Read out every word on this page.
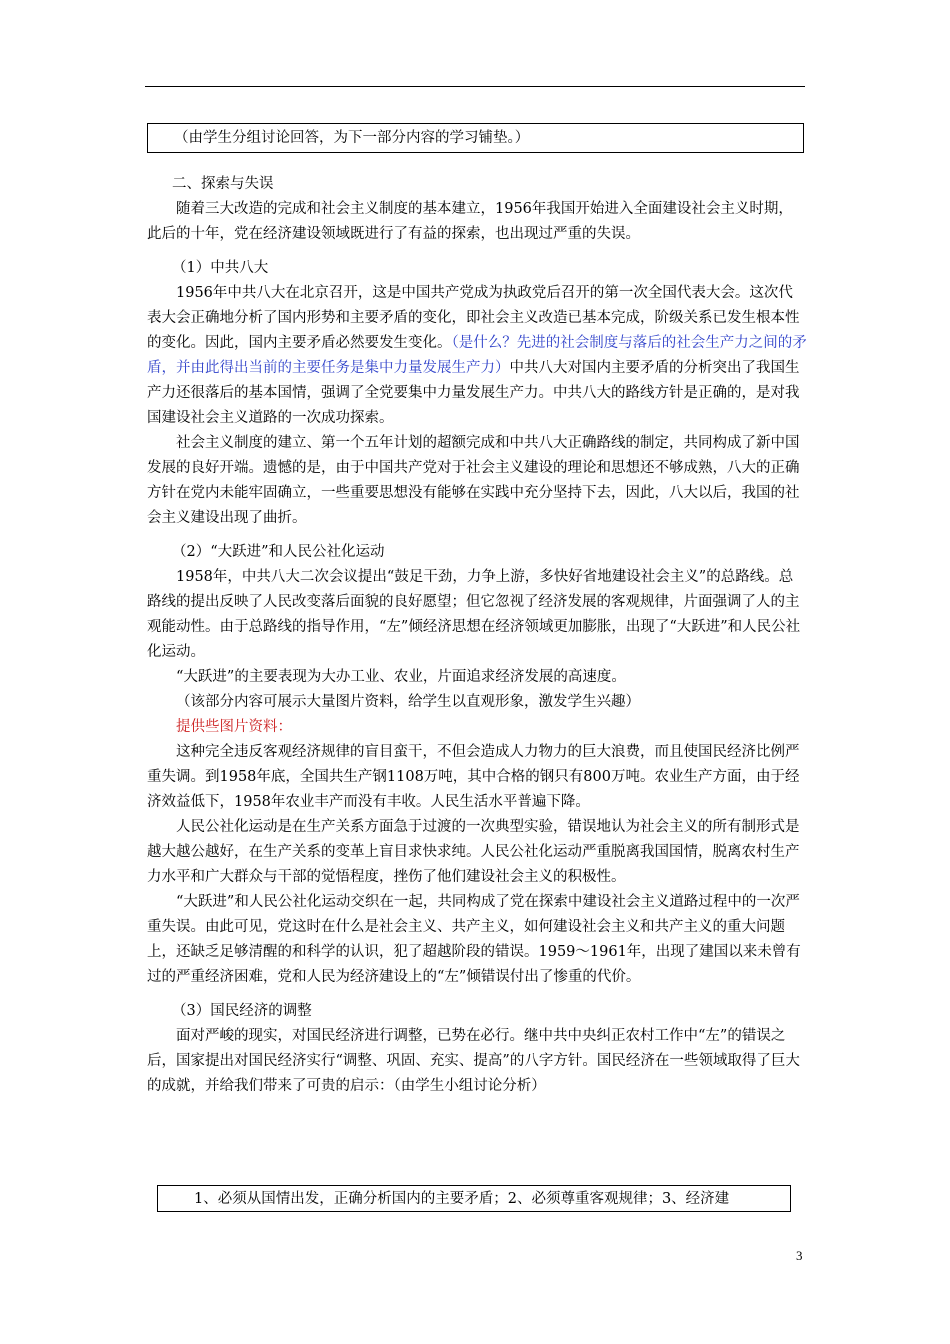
（由学生分组讨论回答，为下一部分内容的学习铺垫。）

二、探索与失误

随着三大改造的完成和社会主义制度的基本建立，1956年我国开始进入全面建设社会主义时期，此后的十年，党在经济建设领域既进行了有益的探索，也出现过严重的失误。

（1）中共八大

1956年中共八大在北京召开，这是中国共产党成为执政党后召开的第一次全国代表大会。这次代表大会正确地分析了国内形势和主要矛盾的变化，即社会主义改造已基本完成，阶级关系已发生根本性的变化。因此，国内主要矛盾必然要发生变化。（是什么？先进的社会制度与落后的社会生产力之间的矛盾，并由此得出当前的主要任务是集中力量发展生产力）中共八大对国内主要矛盾的分析突出了我国生产力还很落后的基本国情，强调了全党要集中力量发展生产力。中共八大的路线方针是正确的，是对我国建设社会主义道路的一次成功探索。

社会主义制度的建立、第一个五年计划的超额完成和中共八大正确路线的制定，共同构成了新中国发展的良好开端。遗憾的是，由于中国共产党对于社会主义建设的理论和思想还不够成熟，八大的正确方针在党内未能牢固确立，一些重要思想没有能够在实践中充分坚持下去，因此，八大以后，我国的社会主义建设出现了曲折。

（2）“大跃进”和人民公社化运动

1958年，中共八大二次会议提出“鼓足干劲，力争上游，多快好省地建设社会主义”的总路线。总路线的提出反映了人民改变落后面貌的良好愿望；但它忽视了经济发展的客观规律，片面强调了人的主观能动性。由于总路线的指导作用，“左”倾经济思想在经济领域更加膨胀，出现了“大跃进”和人民公社化运动。

“大跃进”的主要表现为大办工业、农业，片面追求经济发展的高速度。

（该部分内容可展示大量图片资料，给学生以直观形象，激发学生兴趣）

提供些图片资料：

这种完全违反客观经济规律的盲目蛮干，不但会造成人力物力的巨大浪费，而且使国民经济比例严重失调。到1958年底，全国共生产钢1108万吨，其中合格的钢只有800万吨。农业生产方面，由于经济效益低下，1958年农业丰产而没有丰收。人民生活水平普遍下降。

人民公社化运动是在生产关系方面急于过渡的一次典型实验，错误地认为社会主义的所有制形式是越大越公越好，在生产关系的变革上盲目求快求纯。人民公社化运动严重脱离我国国情，脱离农村生产力水平和广大群众与干部的觉悟程度，挫伤了他们建设社会主义的积极性。

“大跃进”和人民公社化运动交织在一起，共同构成了党在探索中建设社会主义道路过程中的一次严重失误。由此可见，党这时在什么是社会主义、共产主义，如何建设社会主义和共产主义的重大问题上，还缺乏足够清醒的和科学的认识，犯了超越阶段的错误。1959～1961年，出现了建国以来未曾有过的严重经济困难，党和人民为经济建设上的“左”倾错误付出了惨重的代价。

（3）国民经济的调整

面对严峻的现实，对国民经济进行调整，已势在必行。继中共中央纠正农村工作中“左”的错误之后，国家提出对国民经济实行“调整、巩固、充实、提高”的八字方针。国民经济在一些领域取得了巨大的成就，并给我们带来了可贵的启示：（由学生小组讨论分析）

1、必须从国情出发，正确分析国内的主要矛盾；2、必须尊重客观规律；3、经济建
3
